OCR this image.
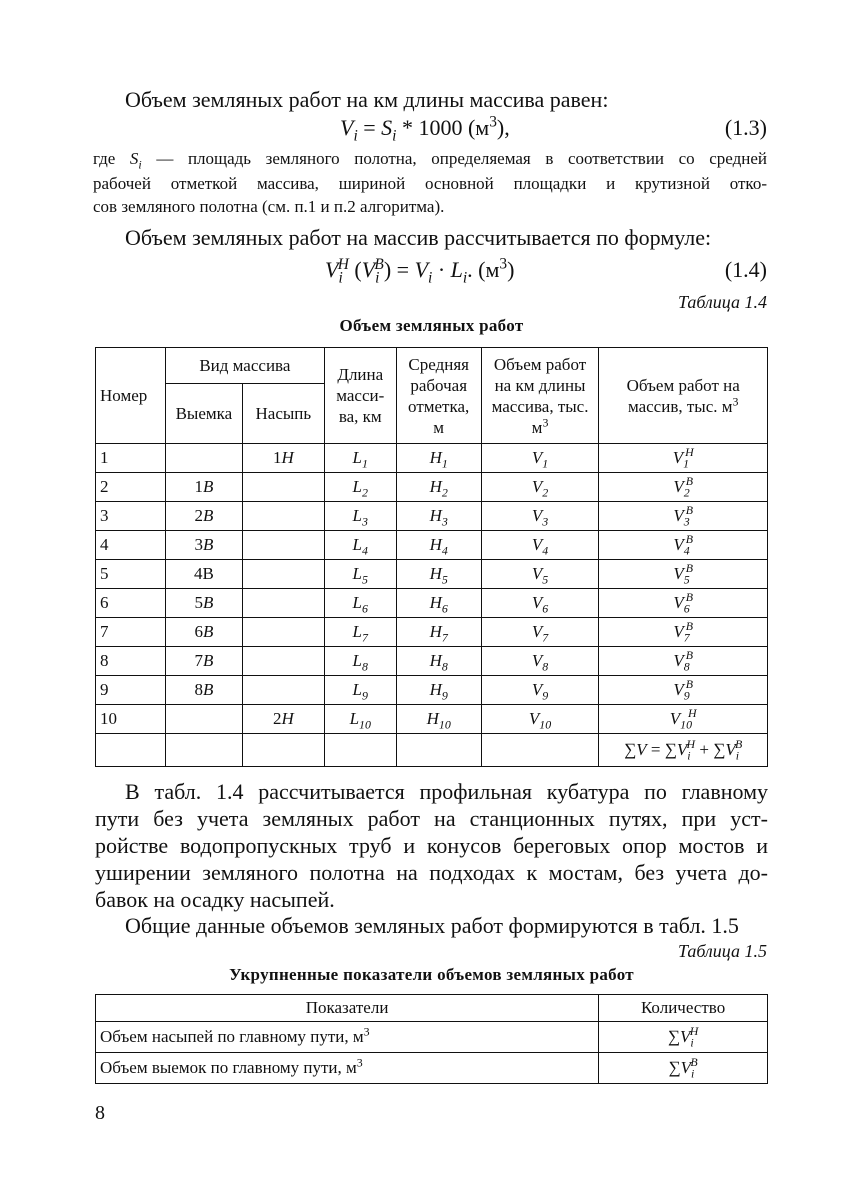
Объем земляных работ на км длины массива равен:
$V_i = S_i * 1000$ $(м^3)$,	(1.3)
где $S_i$ — площадь земляного полотна, определяемая в соответствии со средней
рабочей отметкой массива, шириной основной площадки и крутизной отко-
сов земляного полотна (см. п.1 и п.2 алгоритма).
Объем земляных работ на массив рассчитывается по формуле:
$V_i^H$ $(V_i^B) = V_i \cdot L_i$. $(м^3)$	(1.4)
Таблица 1.4
Объем земляных работ
Номер	Вид массива		Длина масси-ва, км	Средняя рабочая отметка, м	Объем работ на км длины массива, тыс. $м^3$	Объем работ на массив, тыс. $м^3$
	Выемка	Насыпь				
1		1H	$L_1$	$H_1$	$V_1$	$V_1^H$
2	1B		$L_2$	$H_2$	$V_2$	$V_2^B$
3	2B		$L_3$	$H_3$	$V_3$	$V_3^B$
4	3B		$L_4$	$H_4$	$V_4$	$V_4^B$
5	4В		$L_5$	$H_5$	$V_5$	$V_5^B$
6	5B		$L_6$	$H_6$	$V_6$	$V_6^B$
7	6B		$L_7$	$H_7$	$V_7$	$V_7^B$
8	7B		$L_8$	$H_8$	$V_8$	$V_8^B$
9	8B		$L_9$	$H_9$	$V_9$	$V_9^B$
10		2H	$L_{10}$	$H_{10}$	$V_{10}$	$V_{10}^H$
						$\sum V = \sum V_i^H + \sum V_i^B$
В табл. 1.4 рассчитывается профильная кубатура по главному
пути без учета земляных работ на станционных путях, при уст-
ройстве водопропускных труб и конусов береговых опор мостов и
уширении земляного полотна на подходах к мостам, без учета до-
бавок на осадку насыпей.
Общие данные объемов земляных работ формируются в табл. 1.5
Таблица 1.5
Укрупненные показатели объемов земляных работ
Показатели	Количество
Объем насыпей по главному пути, $м^3$	$\sum V_i^H$
Объем выемок по главному пути, $м^3$	$\sum V_i^B$
8
